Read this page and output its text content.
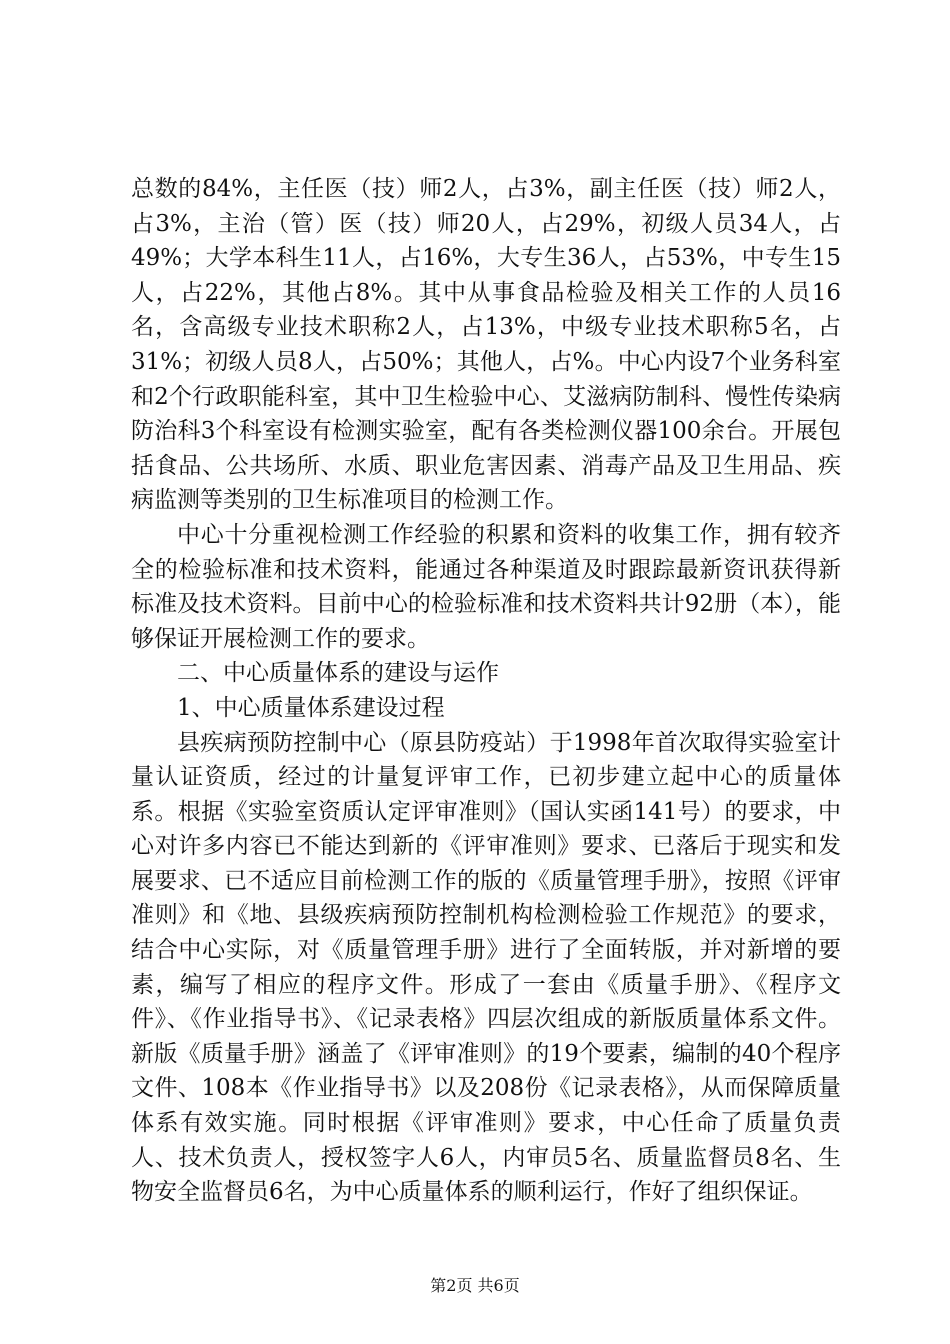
总数的84%，主任医（技）师2人，占3%，副主任医（技）师2人，占3%，主治（管）医（技）师20人，占29%，初级人员34人，占49%；大学本科生11人，占16%，大专生36人，占53%，中专生15人，占22%，其他占8%。其中从事食品检验及相关工作的人员16名，含高级专业技术职称2人，占13%，中级专业技术职称5名，占31%；初级人员8人，占50%；其他人，占%。中心内设7个业务科室和2个行政职能科室，其中卫生检验中心、艾滋病防制科、慢性传染病防治科3个科室设有检测实验室，配有各类检测仪器100余台。开展包括食品、公共场所、水质、职业危害因素、消毒产品及卫生用品、疾病监测等类别的卫生标准项目的检测工作。

中心十分重视检测工作经验的积累和资料的收集工作，拥有较齐全的检验标准和技术资料，能通过各种渠道及时跟踪最新资讯获得新标准及技术资料。目前中心的检验标准和技术资料共计92册（本），能够保证开展检测工作的要求。

二、中心质量体系的建设与运作

1、中心质量体系建设过程

县疾病预防控制中心（原县防疫站）于1998年首次取得实验室计量认证资质，经过的计量复评审工作，已初步建立起中心的质量体系。根据《实验室资质认定评审准则》（国认实函141号）的要求，中心对许多内容已不能达到新的《评审准则》要求、已落后于现实和发展要求、已不适应目前检测工作的版的《质量管理手册》，按照《评审准则》和《地、县级疾病预防控制机构检测检验工作规范》的要求，结合中心实际，对《质量管理手册》进行了全面转版，并对新增的要素，编写了相应的程序文件。形成了一套由《质量手册》、《程序文件》、《作业指导书》、《记录表格》四层次组成的新版质量体系文件。新版《质量手册》涵盖了《评审准则》的19个要素，编制的40个程序文件、108本《作业指导书》以及208份《记录表格》，从而保障质量体系有效实施。同时根据《评审准则》要求，中心任命了质量负责人、技术负责人，授权签字人6人，内审员5名、质量监督员8名、生物安全监督员6名，为中心质量体系的顺利运行，作好了组织保证。

第2页 共6页
